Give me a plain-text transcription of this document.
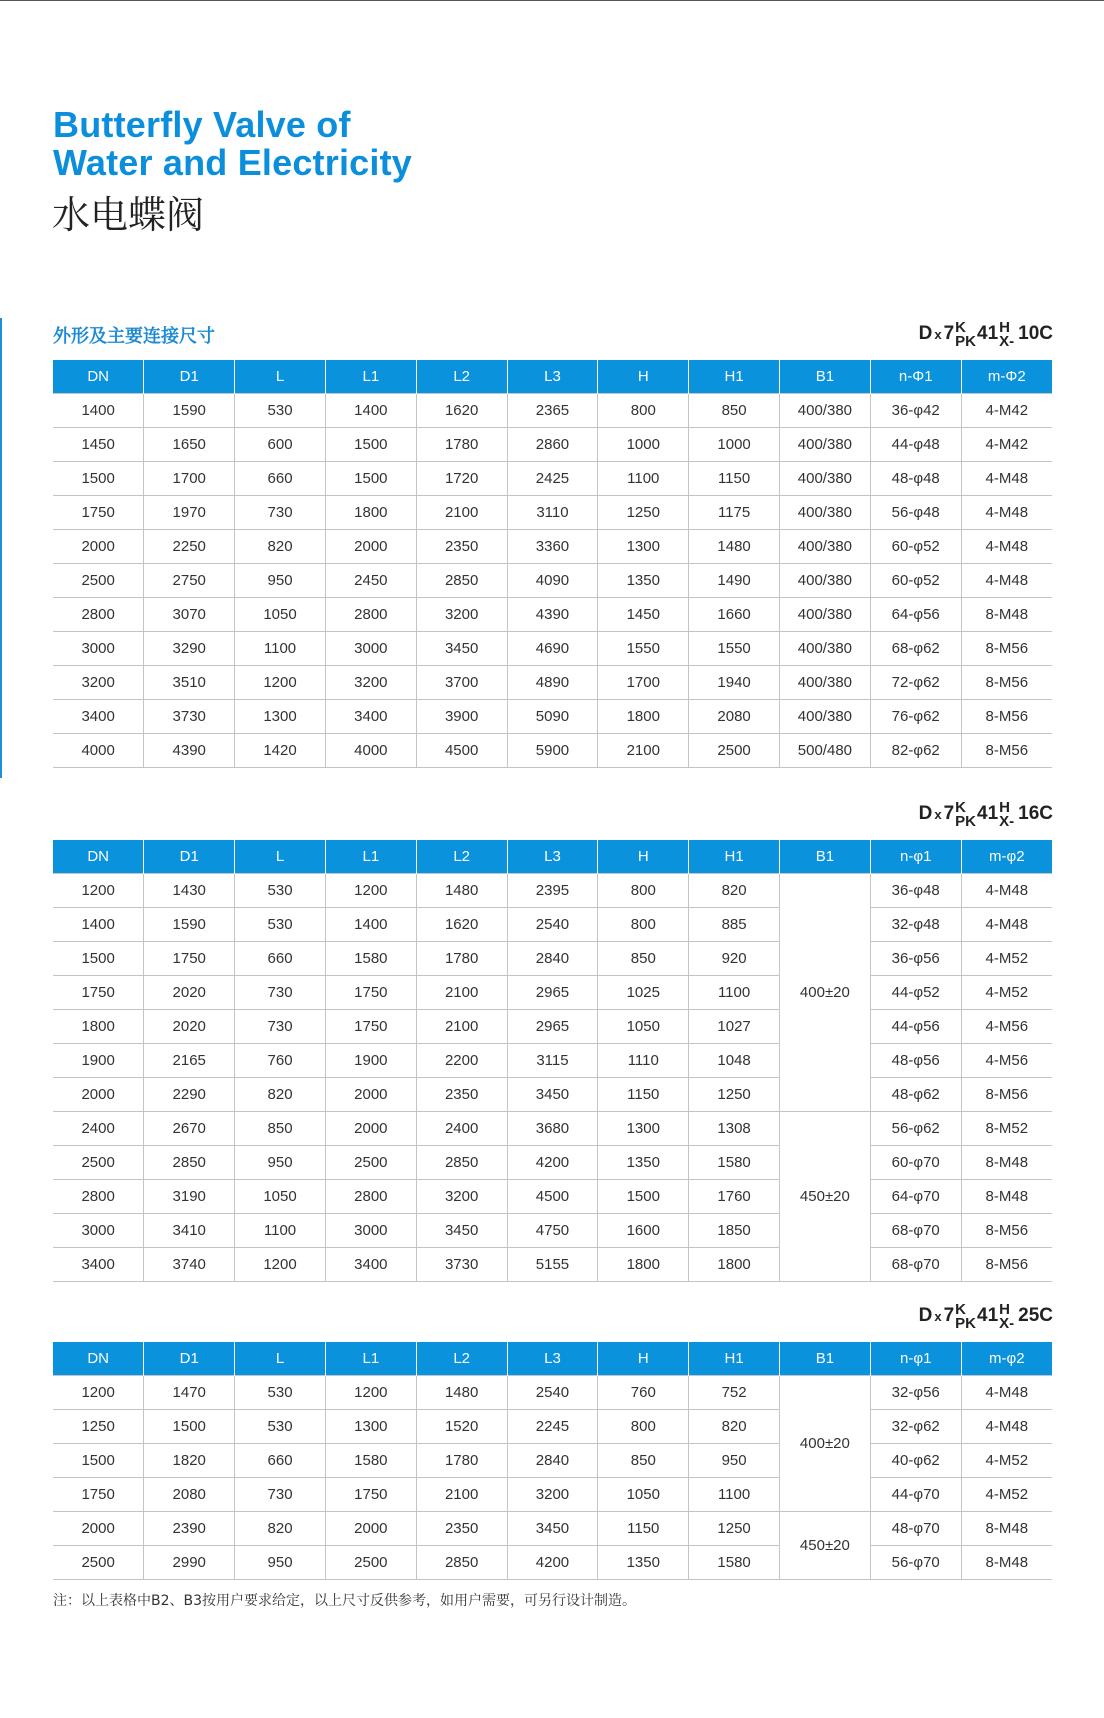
Butterfly Valve of
Water and Electricity
水电蝶阀
外形及主要连接尺寸	D x 7 K
PK 41 H
X- 10C
DN	D1	L	L1	L2	L3	H	H1	B1	n-Φ1	m-Φ2
1400	1590	530	1400	1620	2365	800	850	400/380	36-φ42	4-M42
1450	1650	600	1500	1780	2860	1000	1000	400/380	44-φ48	4-M42
1500	1700	660	1500	1720	2425	1100	1150	400/380	48-φ48	4-M48
1750	1970	730	1800	2100	3110	1250	1175	400/380	56-φ48	4-M48
2000	2250	820	2000	2350	3360	1300	1480	400/380	60-φ52	4-M48
2500	2750	950	2450	2850	4090	1350	1490	400/380	60-φ52	4-M48
2800	3070	1050	2800	3200	4390	1450	1660	400/380	64-φ56	8-M48
3000	3290	1100	3000	3450	4690	1550	1550	400/380	68-φ62	8-M56
3200	3510	1200	3200	3700	4890	1700	1940	400/380	72-φ62	8-M56
3400	3730	1300	3400	3900	5090	1800	2080	400/380	76-φ62	8-M56
4000	4390	1420	4000	4500	5900	2100	2500	500/480	82-φ62	8-M56
D x 7 K
PK 41 H
X- 16C
DN	D1	L	L1	L2	L3	H	H1	B1	n-φ1	m-φ2
1200	1430	530	1200	1480	2395	800	820	400±20	36-φ48	4-M48
1400	1590	530	1400	1620	2540	800	885		32-φ48	4-M48
1500	1750	660	1580	1780	2840	850	920		36-φ56	4-M52
1750	2020	730	1750	2100	2965	1025	1100		44-φ52	4-M52
1800	2020	730	1750	2100	2965	1050	1027		44-φ56	4-M56
1900	2165	760	1900	2200	3115	1110	1048		48-φ56	4-M56
2000	2290	820	2000	2350	3450	1150	1250		48-φ62	8-M56
2400	2670	850	2000	2400	3680	1300	1308	450±20	56-φ62	8-M52
2500	2850	950	2500	2850	4200	1350	1580		60-φ70	8-M48
2800	3190	1050	2800	3200	4500	1500	1760		64-φ70	8-M48
3000	3410	1100	3000	3450	4750	1600	1850		68-φ70	8-M56
3400	3740	1200	3400	3730	5155	1800	1800		68-φ70	8-M56
D x 7 K
PK 41 H
X- 25C
DN	D1	L	L1	L2	L3	H	H1	B1	n-φ1	m-φ2
1200	1470	530	1200	1480	2540	760	752	400±20	32-φ56	4-M48
1250	1500	530	1300	1520	2245	800	820		32-φ62	4-M48
1500	1820	660	1580	1780	2840	850	950		40-φ62	4-M52
1750	2080	730	1750	2100	3200	1050	1100		44-φ70	4-M52
2000	2390	820	2000	2350	3450	1150	1250	450±20	48-φ70	8-M48
2500	2990	950	2500	2850	4200	1350	1580		56-φ70	8-M48

注：以上表格中B2、B3按用户要求给定，以上尺寸反供参考，如用户需要，可另行设计制造。
